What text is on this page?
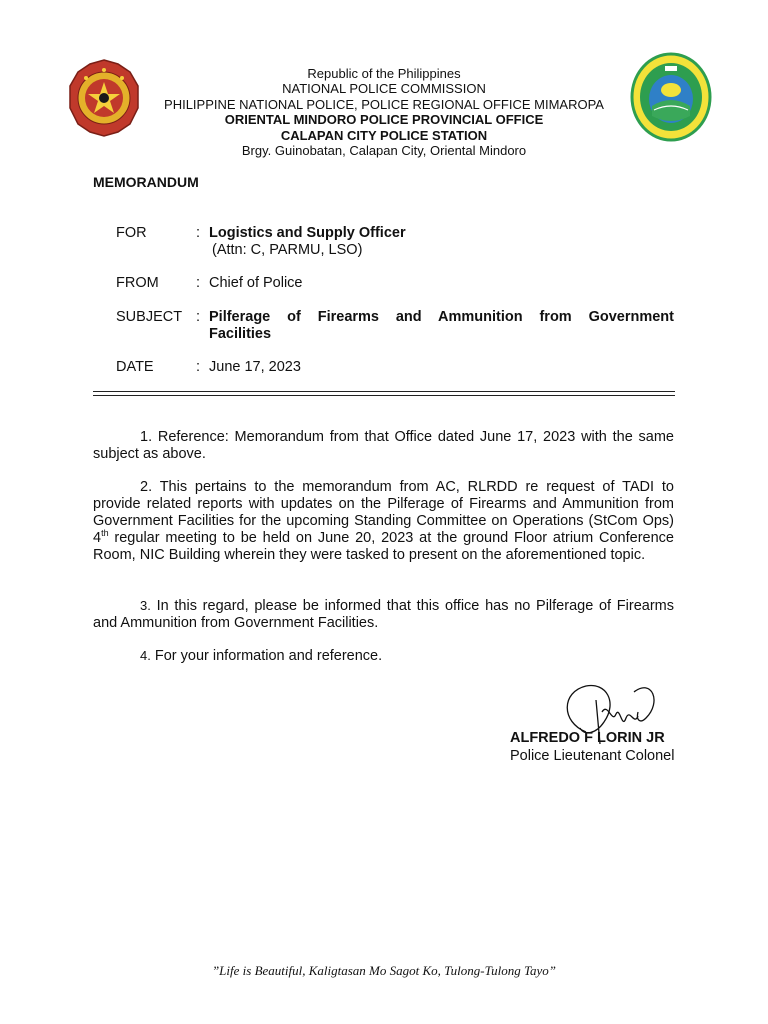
Republic of the Philippines
NATIONAL POLICE COMMISSION
PHILIPPINE NATIONAL POLICE, POLICE REGIONAL OFFICE MIMAROPA
ORIENTAL MINDORO POLICE PROVINCIAL OFFICE
CALAPAN CITY POLICE STATION
Brgy. Guinobatan, Calapan City, Oriental Mindoro
MEMORANDUM
FOR	: Logistics and Supply Officer
(Attn: C, PARMU, LSO)
FROM	: Chief of Police
SUBJECT : Pilferage of Firearms and Ammunition from Government
Facilities
DATE	: June 17, 2023
1. Reference: Memorandum from that Office dated June 17, 2023 with the same subject as above.
2. This pertains to the memorandum from AC, RLRDD re request of TADI to provide related reports with updates on the Pilferage of Firearms and Ammunition from Government Facilities for the upcoming Standing Committee on Operations (StCom Ops) 4th regular meeting to be held on June 20, 2023 at the ground Floor atrium Conference Room, NIC Building wherein they were tasked to present on the aforementioned topic.
3. In this regard, please be informed that this office has no Pilferage of Firearms and Ammunition from Government Facilities.
4. For your information and reference.
ALFREDO F LORIN JR
Police Lieutenant Colonel
”Life is Beautiful, Kaligtasan Mo Sagot Ko, Tulong-Tulong Tayo”
